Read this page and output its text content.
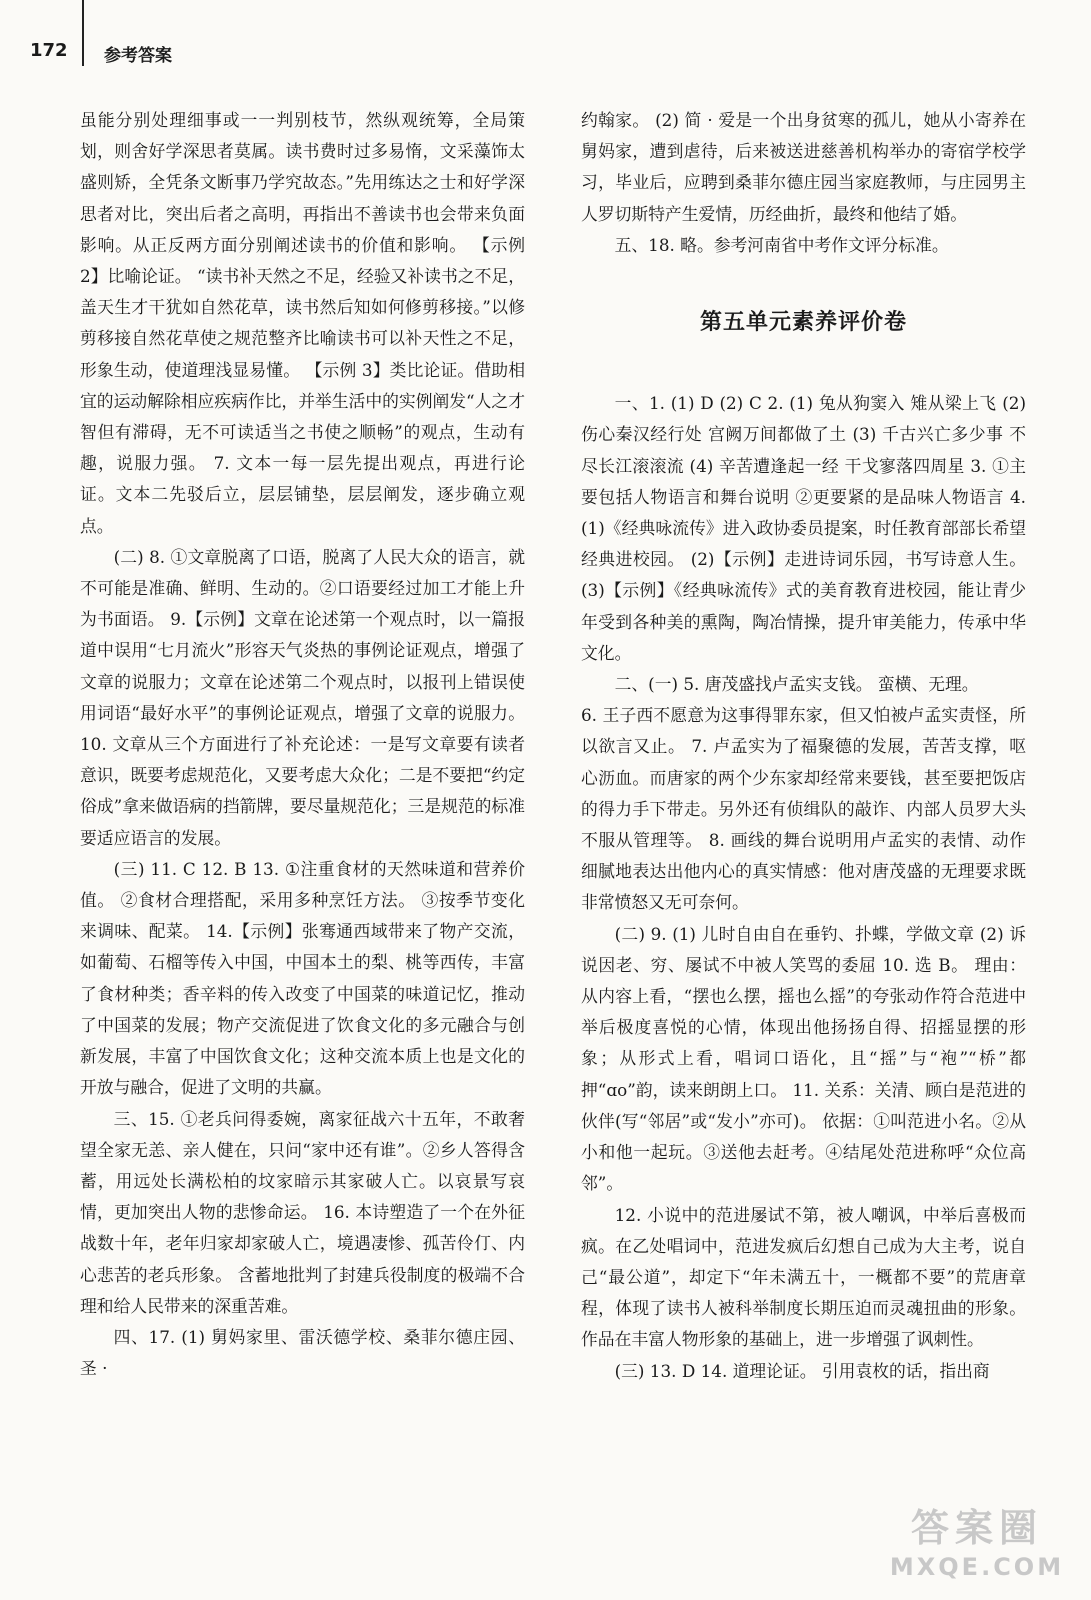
172 参考答案

虽能分别处理细事或一一判别枝节，然纵观统筹，全局策划，则舍好学深思者莫属。读书费时过多易惰，文采藻饰太盛则矫，全凭条文断事乃学究故态。”先用练达之士和好学深思者对比，突出后者之高明，再指出不善读书也会带来负面影响。从正反两方面分别阐述读书的价值和影响。 【示例 2】比喻论证。 “读书补天然之不足，经验又补读书之不足，盖天生才干犹如自然花草，读书然后知如何修剪移接。”以修剪移接自然花草使之规范整齐比喻读书可以补天性之不足，形象生动，使道理浅显易懂。 【示例 3】类比论证。借助相宜的运动解除相应疾病作比，并举生活中的实例阐发“人之才智但有滞碍，无不可读适当之书使之顺畅”的观点，生动有趣，说服力强。 7. 文本一每一层先提出观点，再进行论证。文本二先驳后立，层层铺垫，层层阐发，逐步确立观点。

(二) 8. ①文章脱离了口语，脱离了人民大众的语言，就不可能是准确、鲜明、生动的。②口语要经过加工才能上升为书面语。 9.【示例】文章在论述第一个观点时，以一篇报道中误用“七月流火”形容天气炎热的事例论证观点，增强了文章的说服力；文章在论述第二个观点时，以报刊上错误使用词语“最好水平”的事例论证观点，增强了文章的说服力。 10. 文章从三个方面进行了补充论述：一是写文章要有读者意识，既要考虑规范化，又要考虑大众化；二是不要把“约定俗成”拿来做语病的挡箭牌，要尽量规范化；三是规范的标准要适应语言的发展。

(三) 11. C 12. B 13. ①注重食材的天然味道和营养价值。 ②食材合理搭配，采用多种烹饪方法。 ③按季节变化来调味、配菜。 14.【示例】张骞通西域带来了物产交流，如葡萄、石榴等传入中国，中国本土的梨、桃等西传，丰富了食材种类；香辛料的传入改变了中国菜的味道记忆，推动了中国菜的发展；物产交流促进了饮食文化的多元融合与创新发展，丰富了中国饮食文化；这种交流本质上也是文化的开放与融合，促进了文明的共赢。

三、15. ①老兵问得委婉，离家征战六十五年，不敢奢望全家无恙、亲人健在，只问“家中还有谁”。②乡人答得含蓄，用远处长满松柏的坟家暗示其家破人亡。以哀景写哀情，更加突出人物的悲惨命运。 16. 本诗塑造了一个在外征战数十年，老年归家却家破人亡，境遇凄惨、孤苦伶仃、内心悲苦的老兵形象。 含蓄地批判了封建兵役制度的极端不合理和给人民带来的深重苦难。

四、17. (1) 舅妈家里、雷沃德学校、桑菲尔德庄园、圣 ·

约翰家。 (2) 简 · 爱是一个出身贫寒的孤儿，她从小寄养在舅妈家，遭到虐待，后来被送进慈善机构举办的寄宿学校学习，毕业后，应聘到桑菲尔德庄园当家庭教师，与庄园男主人罗切斯特产生爱情，历经曲折，最终和他结了婚。

五、18. 略。参考河南省中考作文评分标准。

第五单元素养评价卷

一、1. (1) D (2) C 2. (1) 兔从狗窦入 雉从梁上飞 (2) 伤心秦汉经行处 宫阙万间都做了土 (3) 千古兴亡多少事 不尽长江滚滚流 (4) 辛苦遭逢起一经 干戈寥落四周星 3. ①主要包括人物语言和舞台说明 ②更要紧的是品味人物语言 4. (1)《经典咏流传》进入政协委员提案，时任教育部部长希望经典进校园。 (2)【示例】走进诗词乐园，书写诗意人生。 (3)【示例】《经典咏流传》式的美育教育进校园，能让青少年受到各种美的熏陶，陶冶情操，提升审美能力，传承中华文化。

二、(一) 5. 唐茂盛找卢孟实支钱。 蛮横、无理。

6. 王子西不愿意为这事得罪东家，但又怕被卢孟实责怪，所以欲言又止。 7. 卢孟实为了福聚德的发展，苦苦支撑，呕心沥血。而唐家的两个少东家却经常来要钱，甚至要把饭店的得力手下带走。另外还有侦缉队的敲诈、内部人员罗大头不服从管理等。 8. 画线的舞台说明用卢孟实的表情、动作细腻地表达出他内心的真实情感：他对唐茂盛的无理要求既非常愤怒又无可奈何。

(二) 9. (1) 儿时自由自在垂钓、扑蝶，学做文章 (2) 诉说因老、穷、屡试不中被人笑骂的委屈 10. 选 B。 理由：从内容上看，“摆也么摆，摇也么摇”的夸张动作符合范进中举后极度喜悦的心情，体现出他扬扬自得、招摇显摆的形象；从形式上看，唱词口语化，且“摇”与“袍”“桥”都押“ɑo”韵，读来朗朗上口。 11. 关系：关清、顾白是范进的伙伴(写“邻居”或“发小”亦可)。 依据：①叫范进小名。②从小和他一起玩。③送他去赶考。④结尾处范进称呼“众位高邻”。

12. 小说中的范进屡试不第，被人嘲讽，中举后喜极而疯。在乙处唱词中，范进发疯后幻想自己成为大主考，说自己“最公道”，却定下“年未满五十，一概都不要”的荒唐章程，体现了读书人被科举制度长期压迫而灵魂扭曲的形象。作品在丰富人物形象的基础上，进一步增强了讽刺性。

(三) 13. D 14. 道理论证。 引用袁枚的话，指出商

答案圈
MXQE.COM
